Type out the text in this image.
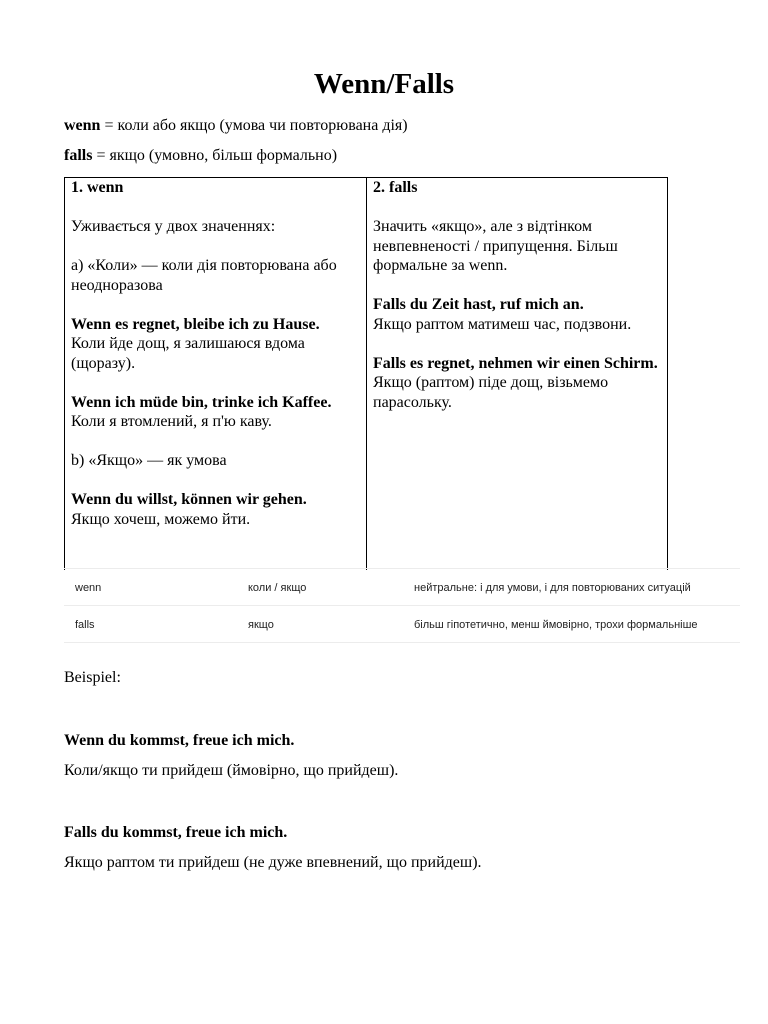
Wenn/Falls
wenn = коли або якщо (умова чи повторювана дія)
falls = якщо (умовно, більш формально)

1. wenn

Уживається у двох значеннях:

а) «Коли» — коли дія повторювана або неодноразова

Wenn es regnet, bleibe ich zu Hause.

Коли йде дощ, я залишаюся вдома (щоразу).

Wenn ich müde bin, trinke ich Kaffee.

Коли я втомлений, я п'ю каву.

b) «Якщо» — як умова

Wenn du willst, können wir gehen.

Якщо хочеш, можемо йти.

2. falls

Значить «якщо», але з відтінком невпевненості / припущення. Більш формальне за wenn.

Falls du Zeit hast, ruf mich an.

Якщо раптом матимеш час, подзвони.

Falls es regnet, nehmen wir einen Schirm.

Якщо (раптом) піде дощ, візьмемо парасольку.

wenn	коли / якщо	нейтральне: і для умови, і для повторюваних ситуацій
falls	якщо	більш гіпотетично, менш ймовірно, трохи формальніше
Beispiel:
Wenn du kommst, freue ich mich.
Коли/якщо ти прийдеш (ймовірно, що прийдеш).
Falls du kommst, freue ich mich.
Якщо раптом ти прийдеш (не дуже впевнений, що прийдеш).
